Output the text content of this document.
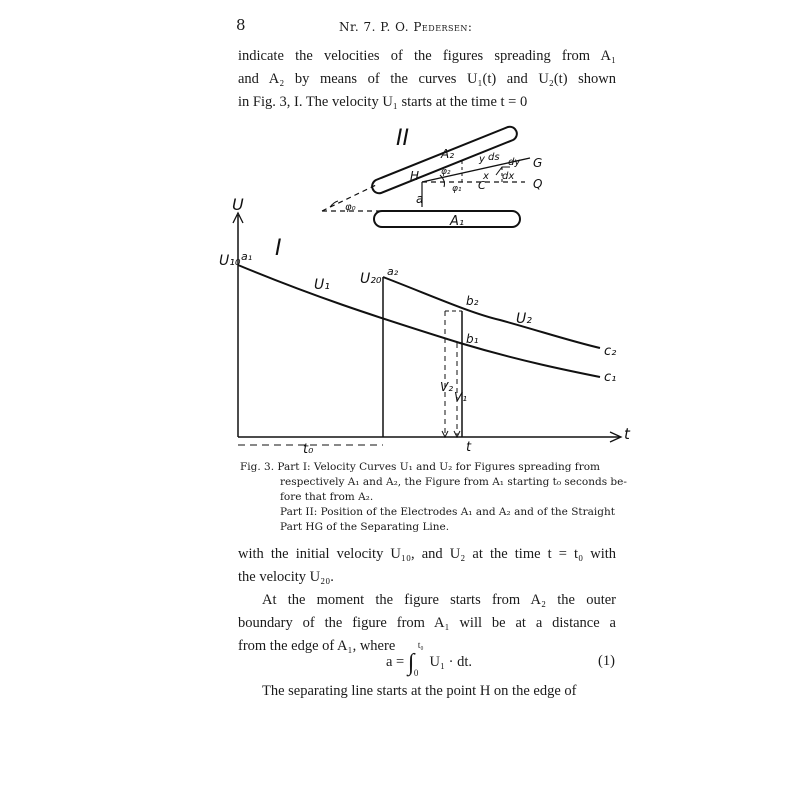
8	Nr. 7. P. O. Pedersen:
indicate the velocities of the figures spreading from A₁
and A₂ by means of the curves U₁(t) and U₂(t) shown
in Fig. 3, I. The velocity U₁ starts at the time t = 0
II
A₂
H φ₂
φ₁
y ds dy G
x dx
C	Q
φ₀
a
A₁
U
t
I
U₁₀ a₁
U₁ U₂₀ a₂
b₂
U₂
b₁
c₂
c₁
V₂
V₁
t₀	t
Fig. 3. Part I: Velocity Curves U₁ and U₂ for Figures spreading from
respectively A₁ and A₂, the Figure from A₁ starting t₀ seconds be-
fore that from A₂.
Part II: Position of the Electrodes A₁ and A₂ and of the Straight
Part HG of the Separating Line.
with the initial velocity U₁₀, and U₂ at the time t = t₀ with
the velocity U₂₀.
At the moment the figure starts from A₂ the outer
boundary of the figure from A₁ will be at a distance a
from the edge of A₁, where
a = ∫
t₀
0
U₁ · dt.	(1)
The separating line starts at the point H on the edge of
